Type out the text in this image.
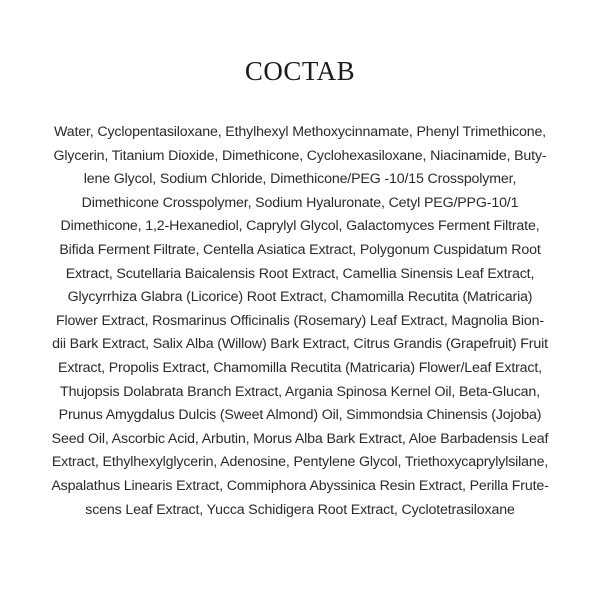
COCTAB
Water, Cyclopentasiloxane, Ethylhexyl Methoxycinnamate, Phenyl Trimethicone,
Glycerin, Titanium Dioxide, Dimethicone, Cyclohexasiloxane, Niacinamide, Buty-
lene Glycol, Sodium Chloride, Dimethicone/PEG -10/15 Crosspolymer,
Dimethicone Crosspolymer, Sodium Hyaluronate, Cetyl PEG/PPG-10/1
Dimethicone, 1,2-Hexanediol, Caprylyl Glycol, Galactomyces Ferment Filtrate,
Bifida Ferment Filtrate, Centella Asiatica Extract, Polygonum Cuspidatum Root
Extract, Scutellaria Baicalensis Root Extract, Camellia Sinensis Leaf Extract,
Glycyrrhiza Glabra (Licorice) Root Extract, Chamomilla Recutita (Matricaria)
Flower Extract, Rosmarinus Officinalis (Rosemary) Leaf Extract, Magnolia Bion-
dii Bark Extract, Salix Alba (Willow) Bark Extract, Citrus Grandis (Grapefruit) Fruit
Extract, Propolis Extract, Chamomilla Recutita (Matricaria) Flower/Leaf Extract,
Thujopsis Dolabrata Branch Extract, Argania Spinosa Kernel Oil, Beta-Glucan,
Prunus Amygdalus Dulcis (Sweet Almond) Oil, Simmondsia Chinensis (Jojoba)
Seed Oil, Ascorbic Acid, Arbutin, Morus Alba Bark Extract, Aloe Barbadensis Leaf
Extract, Ethylhexylglycerin, Adenosine, Pentylene Glycol, Triethoxycaprylylsilane,
Aspalathus Linearis Extract, Commiphora Abyssinica Resin Extract, Perilla Frute-
scens Leaf Extract, Yucca Schidigera Root Extract, Cyclotetrasiloxane
